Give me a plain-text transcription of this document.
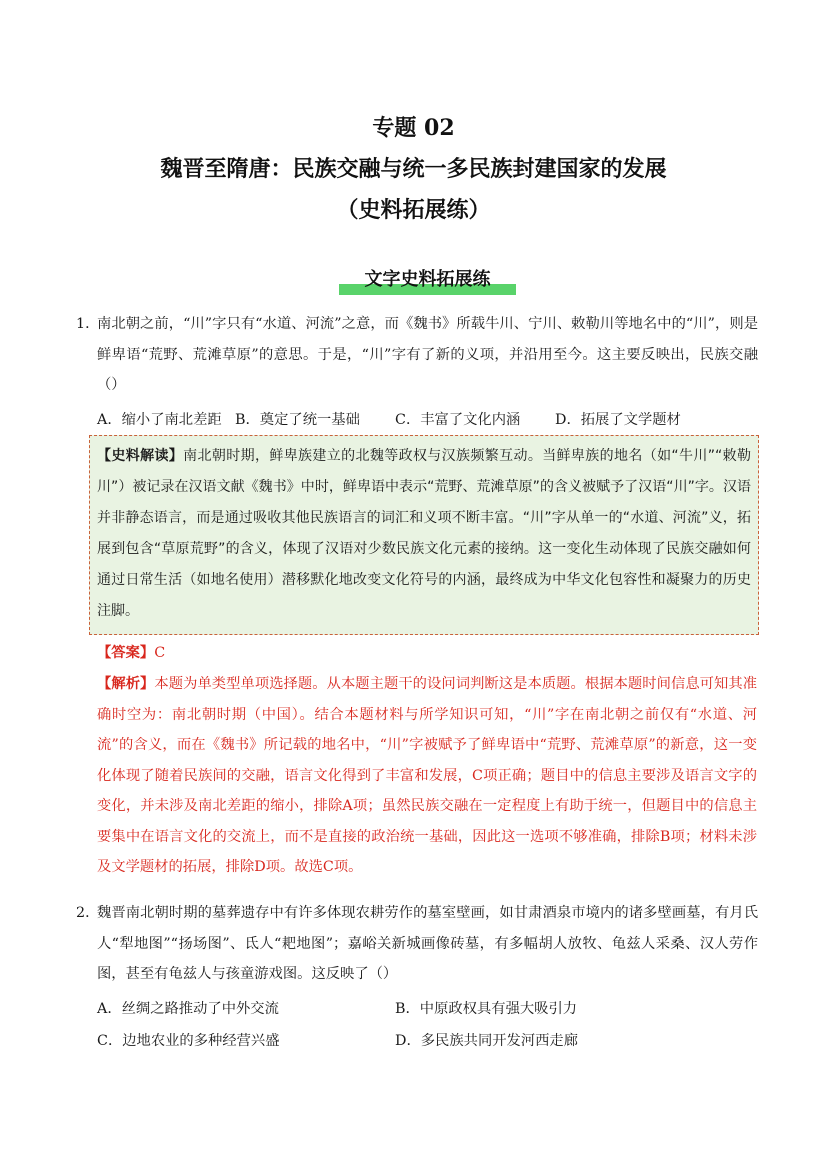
专题 02
魏晋至隋唐：民族交融与统一多民族封建国家的发展
（史料拓展练）
文字史料拓展练
1．
南北朝之前，“川”字只有“水道、河流”之意，而《魏书》所载牛川、宁川、敕勒川等地名中的“川”，则是鲜卑语“荒野、荒滩草原”的意思。于是，“川”字有了新的义项，并沿用至今。这主要反映出，民族交融（）
A．缩小了南北差距 B．奠定了统一基础 C．丰富了文化内涵 D．拓展了文学题材
【史料解读】南北朝时期，鲜卑族建立的北魏等政权与汉族频繁互动。当鲜卑族的地名（如“牛川”“敕勒川”）被记录在汉语文献《魏书》中时，鲜卑语中表示“荒野、荒滩草原”的含义被赋予了汉语“川”字。汉语并非静态语言，而是通过吸收其他民族语言的词汇和义项不断丰富。“川”字从单一的“水道、河流”义，拓展到包含“草原荒野”的含义，体现了汉语对少数民族文化元素的接纳。这一变化生动体现了民族交融如何通过日常生活（如地名使用）潜移默化地改变文化符号的内涵，最终成为中华文化包容性和凝聚力的历史注脚。
【答案】C
【解析】本题为单类型单项选择题。从本题主题干的设问词判断这是本质题。根据本题时间信息可知其准确时空为：南北朝时期（中国）。结合本题材料与所学知识可知，“川”字在南北朝之前仅有“水道、河流”的含义，而在《魏书》所记载的地名中，“川”字被赋予了鲜卑语中“荒野、荒滩草原”的新意，这一变化体现了随着民族间的交融，语言文化得到了丰富和发展，C项正确；题目中的信息主要涉及语言文字的变化，并未涉及南北差距的缩小，排除A项；虽然民族交融在一定程度上有助于统一，但题目中的信息主要集中在语言文化的交流上，而不是直接的政治统一基础，因此这一选项不够准确，排除B项；材料未涉及文学题材的拓展，排除D项。故选C项。
2．
魏晋南北朝时期的墓葬遗存中有许多体现农耕劳作的墓室壁画，如甘肃酒泉市境内的诸多壁画墓，有月氏人“犁地图”“扬场图”、氐人“耙地图”；嘉峪关新城画像砖墓，有多幅胡人放牧、龟兹人采桑、汉人劳作图，甚至有龟兹人与孩童游戏图。这反映了（）
A．丝绸之路推动了中外交流	B．中原政权具有强大吸引力
C．边地农业的多种经营兴盛	D．多民族共同开发河西走廊
